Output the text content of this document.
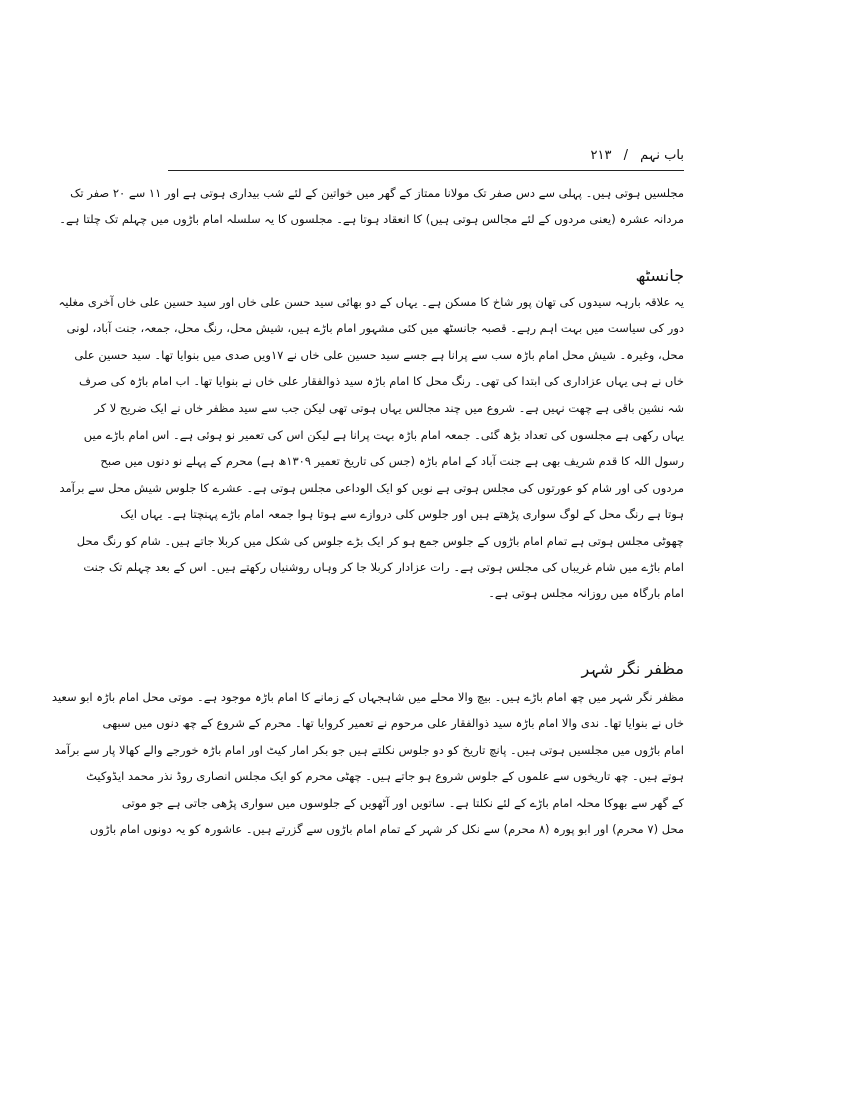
باب نہم / ۲۱۳

مجلسیں ہوتی ہیں۔ پہلی سے دس صفر تک مولانا ممتاز کے گھر میں خواتین کے لئے شب بیداری ہوتی ہے اور ۱۱ سے ۲۰ صفر تک
مردانہ عشرہ (یعنی مردوں کے لئے مجالس ہوتی ہیں) کا انعقاد ہوتا ہے۔ مجلسوں کا یہ سلسلہ امام باڑوں میں چہلم تک چلتا ہے۔

جانسٹھ

یہ علاقہ بارہہ سیدوں کی تھان پور شاخ کا مسکن ہے۔ یہاں کے دو بھائی سید حسن علی خاں اور سید حسین علی خاں آخری مغلیہ
دور کی سیاست میں بہت اہم رہے۔ قصبہ جانسٹھ میں کئی مشہور امام باڑے ہیں، شیش محل، رنگ محل، جمعہ، جنت آباد، لونی
محل، وغیرہ۔ شیش محل امام باڑہ سب سے پرانا ہے جسے سید حسین علی خاں نے ۱۷ویں صدی میں بنوایا تھا۔ سید حسین علی
خاں نے ہی یہاں عزاداری کی ابتدا کی تھی۔ رنگ محل کا امام باڑہ سید ذوالفقار علی خاں نے بنوایا تھا۔ اب امام باڑہ کی صرف
شہ نشین باقی ہے چھت نہیں ہے۔ شروع میں چند مجالس یہاں ہوتی تھی لیکن جب سے سید مظفر خاں نے ایک ضریح لا کر

یہاں رکھی ہے مجلسوں کی تعداد بڑھ گئی۔ جمعہ امام باڑہ بہت پرانا ہے لیکن اس کی تعمیر نو ہوئی ہے۔ اس امام باڑے میں
رسول اللہ کا قدم شریف بھی ہے جنت آباد کے امام باڑہ (جس کی تاریخ تعمیر ۱۳۰۹ھ ہے) محرم کے پہلے نو دنوں میں صبح
مردوں کی اور شام کو عورتوں کی مجلس ہوتی ہے نویں کو ایک الوداعی مجلس ہوتی ہے۔ عشرے کا جلوس شیش محل سے برآمد
ہوتا ہے رنگ محل کے لوگ سواری پڑھتے ہیں اور جلوس کلی دروازے سے ہوتا ہوا جمعہ امام باڑے پہنچتا ہے۔ یہاں ایک
چھوٹی مجلس ہوتی ہے تمام امام باڑوں کے جلوس جمع ہو کر ایک بڑے جلوس کی شکل میں کربلا جاتے ہیں۔ شام کو رنگ محل
امام باڑے میں شام غریباں کی مجلس ہوتی ہے۔ رات عزادار کربلا جا کر وہاں روشنیاں رکھتے ہیں۔ اس کے بعد چہلم تک جنت
امام بارگاہ میں روزانہ مجلس ہوتی ہے۔

مظفر نگر شہر

مظفر نگر شہر میں چھ امام باڑے ہیں۔ بیچ والا محلے میں شاہجہاں کے زمانے کا امام باڑہ موجود ہے۔ موتی محل امام باڑہ ابو سعید
خاں نے بنوایا تھا۔ ندی والا امام باڑہ سید ذوالفقار علی مرحوم نے تعمیر کروایا تھا۔ محرم کے شروع کے چھ دنوں میں سبھی
امام باڑوں میں مجلسیں ہوتی ہیں۔ پانچ تاریخ کو دو جلوس نکلتے ہیں جو بکر امار کیٹ اور امام باڑہ خورجے والے کھالا پار سے برآمد
ہوتے ہیں۔ چھ تاریخوں سے علموں کے جلوس شروع ہو جاتے ہیں۔ چھٹی محرم کو ایک مجلس انصاری روڈ نذر محمد ایڈوکیٹ
کے گھر سے بھوکا محلہ امام باڑے کے لئے نکلتا ہے۔ ساتویں اور آٹھویں کے جلوسوں میں سواری پڑھی جاتی ہے جو موتی
محل (۷ محرم) اور ابو پورہ (۸ محرم) سے نکل کر شہر کے تمام امام باڑوں سے گزرتے ہیں۔ عاشورہ کو یہ دونوں امام باڑوں
